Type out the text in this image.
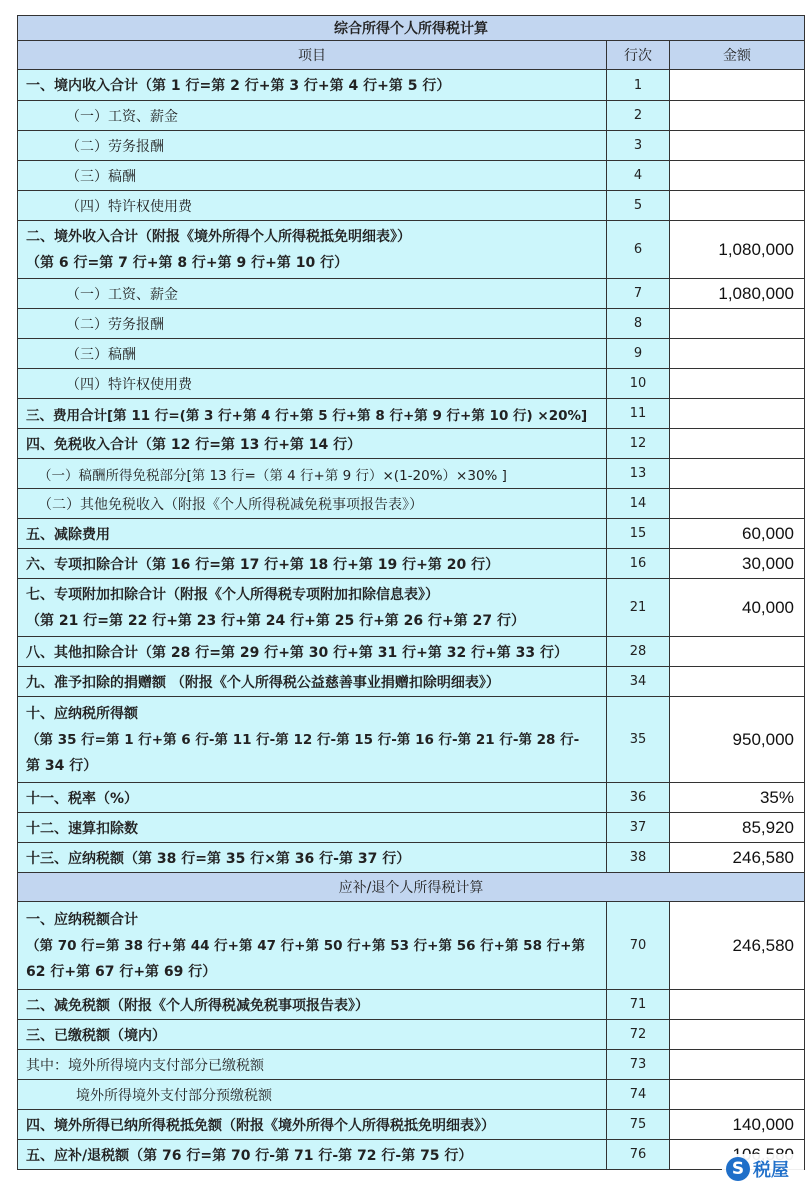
综合所得个人所得税计算		
项目	行次	金额
一、境内收入合计（第 1 行=第 2 行+第 3 行+第 4 行+第 5 行）	1	
（一）工资、薪金	2	
（二）劳务报酬	3	
（三）稿酬	4	
（四）特许权使用费	5	

二、境外收入合计（附报《境外所得个人所得税抵免明细表》）
（第 6 行=第 7 行+第 8 行+第 9 行+第 10 行）	6	1,080,000
（一）工资、薪金	7	1,080,000
（二）劳务报酬	8	
（三）稿酬	9	
（四）特许权使用费	10	
三、费用合计[第 11 行=(第 3 行+第 4 行+第 5 行+第 8 行+第 9 行+第 10 行) ×20%]	11	
四、免税收入合计（第 12 行=第 13 行+第 14 行）	12	
（一）稿酬所得免税部分[第 13 行=（第 4 行+第 9 行）×(1-20%）×30% ]	13	
（二）其他免税收入（附报《个人所得税减免税事项报告表》）	14	
五、减除费用	15	60,000
六、专项扣除合计（第 16 行=第 17 行+第 18 行+第 19 行+第 20 行）	16	30,000

七、专项附加扣除合计（附报《个人所得税专项附加扣除信息表》）
（第 21 行=第 22 行+第 23 行+第 24 行+第 25 行+第 26 行+第 27 行）	21	40,000
八、其他扣除合计（第 28 行=第 29 行+第 30 行+第 31 行+第 32 行+第 33 行）	28	
九、准予扣除的捐赠额 （附报《个人所得税公益慈善事业捐赠扣除明细表》）	34	

十、应纳税所得额
（第 35 行=第 1 行+第 6 行-第 11 行-第 12 行-第 15 行-第 16 行-第 21 行-第 28 行-
第 34 行）	35	950,000
十一、税率（%）	36	35%
十二、速算扣除数	37	85,920
十三、应纳税额（第 38 行=第 35 行×第 36 行-第 37 行）	38	246,580
应补/退个人所得税计算		

一、应纳税额合计
（第 70 行=第 38 行+第 44 行+第 47 行+第 50 行+第 53 行+第 56 行+第 58 行+第
62 行+第 67 行+第 69 行）	70	246,580
二、减免税额（附报《个人所得税减免税事项报告表》）	71	
三、已缴税额（境内）	72	
其中：境外所得境内支付部分已缴税额	73	
境外所得境外支付部分预缴税额	74	
四、境外所得已纳所得税抵免额（附报《境外所得个人所得税抵免明细表》）	75	140,000
五、应补/退税额（第 76 行=第 70 行-第 71 行-第 72 行-第 75 行）	76	
S 税屋
